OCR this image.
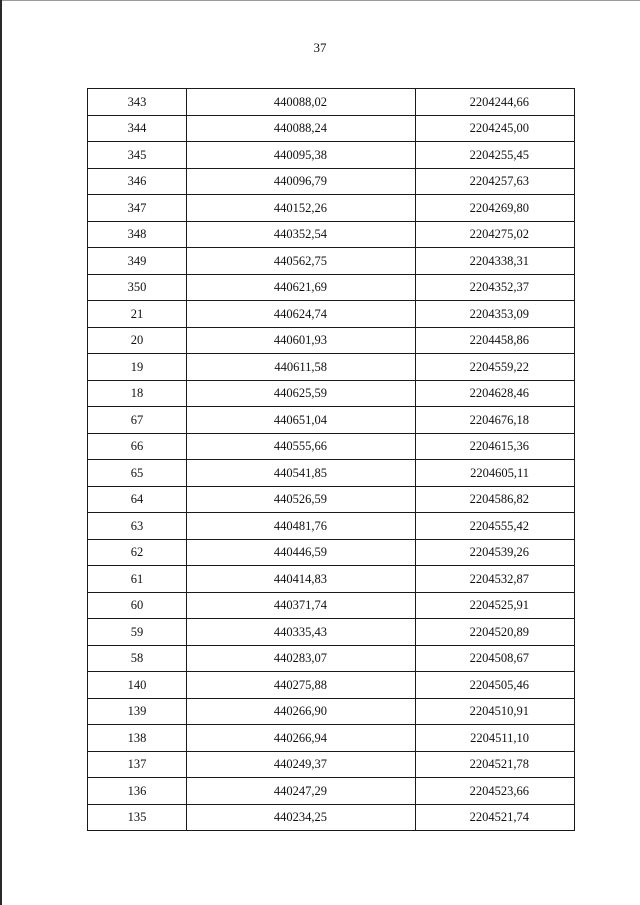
37
343	440088,02	2204244,66
344	440088,24	2204245,00
345	440095,38	2204255,45
346	440096,79	2204257,63
347	440152,26	2204269,80
348	440352,54	2204275,02
349	440562,75	2204338,31
350	440621,69	2204352,37
21	440624,74	2204353,09
20	440601,93	2204458,86
19	440611,58	2204559,22
18	440625,59	2204628,46
67	440651,04	2204676,18
66	440555,66	2204615,36
65	440541,85	2204605,11
64	440526,59	2204586,82
63	440481,76	2204555,42
62	440446,59	2204539,26
61	440414,83	2204532,87
60	440371,74	2204525,91
59	440335,43	2204520,89
58	440283,07	2204508,67
140	440275,88	2204505,46
139	440266,90	2204510,91
138	440266,94	2204511,10
137	440249,37	2204521,78
136	440247,29	2204523,66
135	440234,25	2204521,74
